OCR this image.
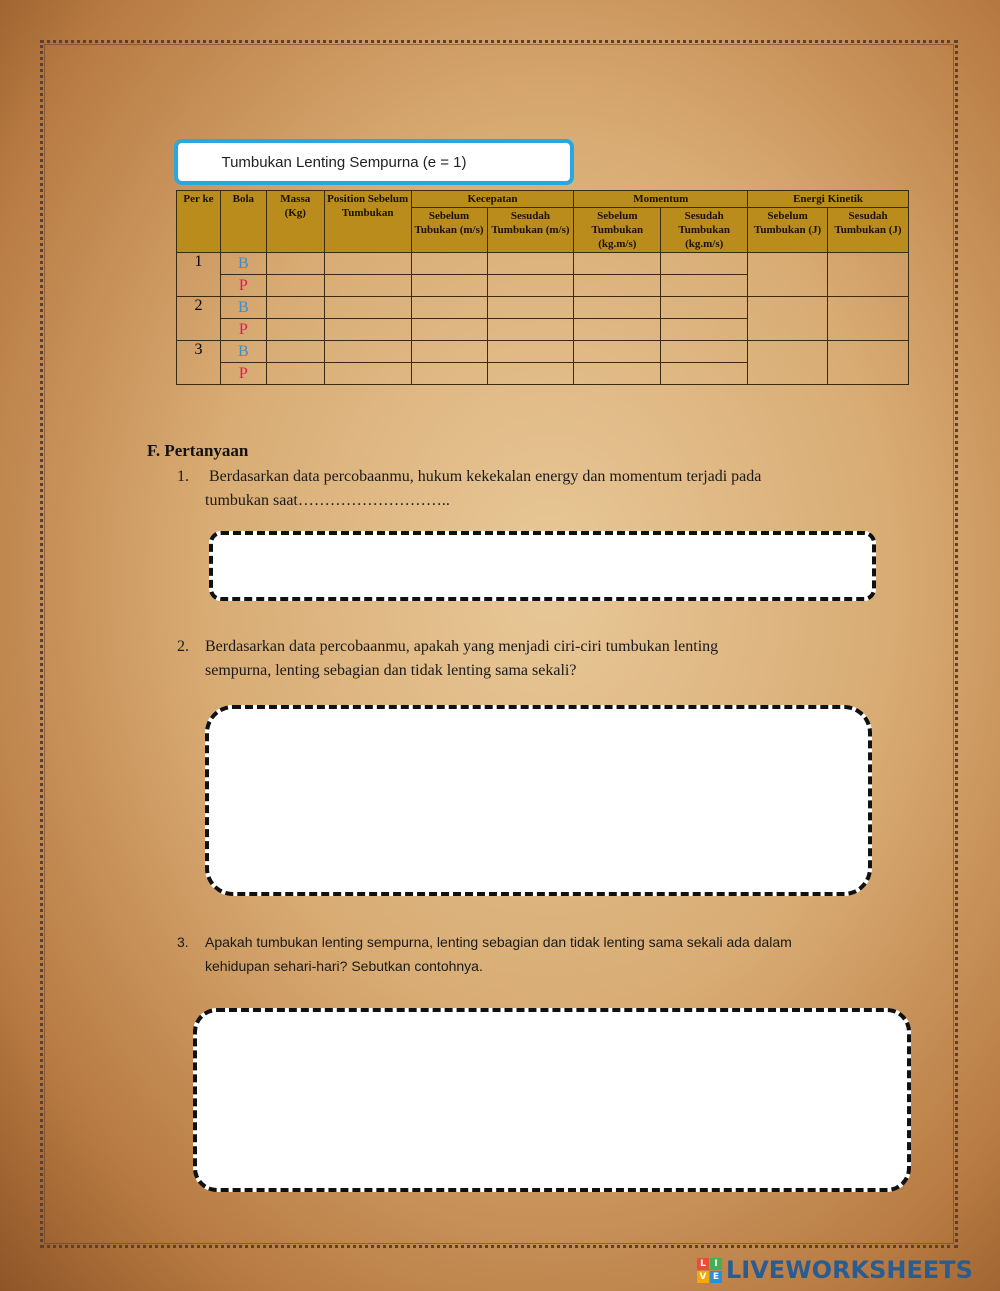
Tumbukan Lenting Sempurna (e = 1)
Per ke	Bola	Massa (Kg)	Position Sebelum Tumbukan	Kecepatan		Momentum		Energi Kinetik	
				Sebelum Tubukan (m/s)	Sesudah Tumbukan (m/s)	Sebelum Tumbukan (kg.m/s)	Sesudah Tumbukan (kg.m/s)	Sebelum Tumbukan (J)	Sesudah Tumbukan (J)
1	B								
	P								
2	B								
	P								
3	B								
	P								
F. Pertanyaan
1. Berdasarkan data percobaanmu, hukum kekekalan energy dan momentum terjadi pada
tumbukan saat………………………..
2. Berdasarkan data percobaanmu, apakah yang menjadi ciri-ciri tumbukan lenting
sempurna, lenting sebagian dan tidak lenting sama sekali?
3. Apakah tumbukan lenting sempurna, lenting sebagian dan tidak lenting sama sekali ada dalam
kehidupan sehari-hari? Sebutkan contohnya.
L I
V E LIVEWORKSHEETS
